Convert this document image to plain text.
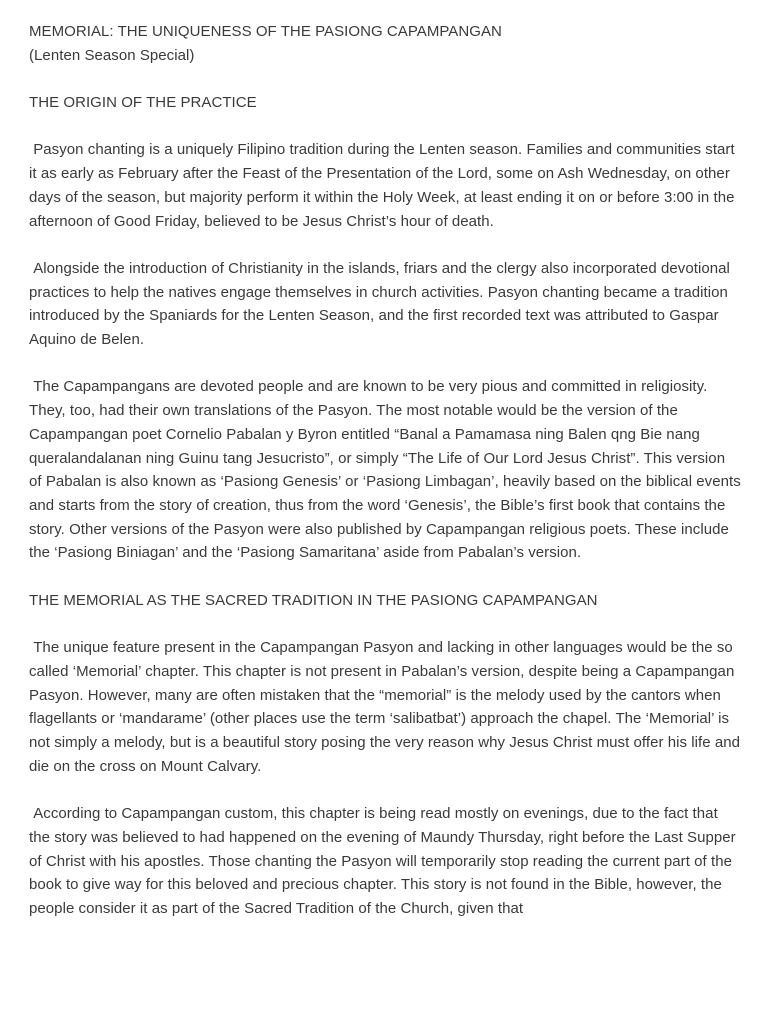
MEMORIAL: THE UNIQUENESS OF THE PASIONG CAPAMPANGAN

(Lenten Season Special)

THE ORIGIN OF THE PRACTICE

Pasyon chanting is a uniquely Filipino tradition during the Lenten season. Families and communities start it as early as February after the Feast of the Presentation of the Lord, some on Ash Wednesday, on other days of the season, but majority perform it within the Holy Week, at least ending it on or before 3:00 in the afternoon of Good Friday, believed to be Jesus Christ’s hour of death.

Alongside the introduction of Christianity in the islands, friars and the clergy also incorporated devotional practices to help the natives engage themselves in church activities. Pasyon chanting became a tradition introduced by the Spaniards for the Lenten Season, and the first recorded text was attributed to Gaspar Aquino de Belen.

The Capampangans are devoted people and are known to be very pious and committed in religiosity. They, too, had their own translations of the Pasyon. The most notable would be the version of the Capampangan poet Cornelio Pabalan y Byron entitled “Banal a Pamamasa ning Balen qng Bie nang queralandalanan ning Guinu tang Jesucristo”, or simply “The Life of Our Lord Jesus Christ”. This version of Pabalan is also known as ‘Pasiong Genesis’ or ‘Pasiong Limbagan’, heavily based on the biblical events and starts from the story of creation, thus from the word ‘Genesis’, the Bible’s first book that contains the story. Other versions of the Pasyon were also published by Capampangan religious poets. These include the ‘Pasiong Biniagan’ and the ‘Pasiong Samaritana’ aside from Pabalan’s version.

THE MEMORIAL AS THE SACRED TRADITION IN THE PASIONG CAPAMPANGAN

The unique feature present in the Capampangan Pasyon and lacking in other languages would be the so called ‘Memorial’ chapter. This chapter is not present in Pabalan’s version, despite being a Capampangan Pasyon. However, many are often mistaken that the “memorial” is the melody used by the cantors when flagellants or ‘mandarame’ (other places use the term ‘salibatbat’) approach the chapel. The ‘Memorial’ is not simply a melody, but is a beautiful story posing the very reason why Jesus Christ must offer his life and die on the cross on Mount Calvary.

According to Capampangan custom, this chapter is being read mostly on evenings, due to the fact that the story was believed to had happened on the evening of Maundy Thursday, right before the Last Supper of Christ with his apostles. Those chanting the Pasyon will temporarily stop reading the current part of the book to give way for this beloved and precious chapter. This story is not found in the Bible, however, the people consider it as part of the Sacred Tradition of the Church, given that
